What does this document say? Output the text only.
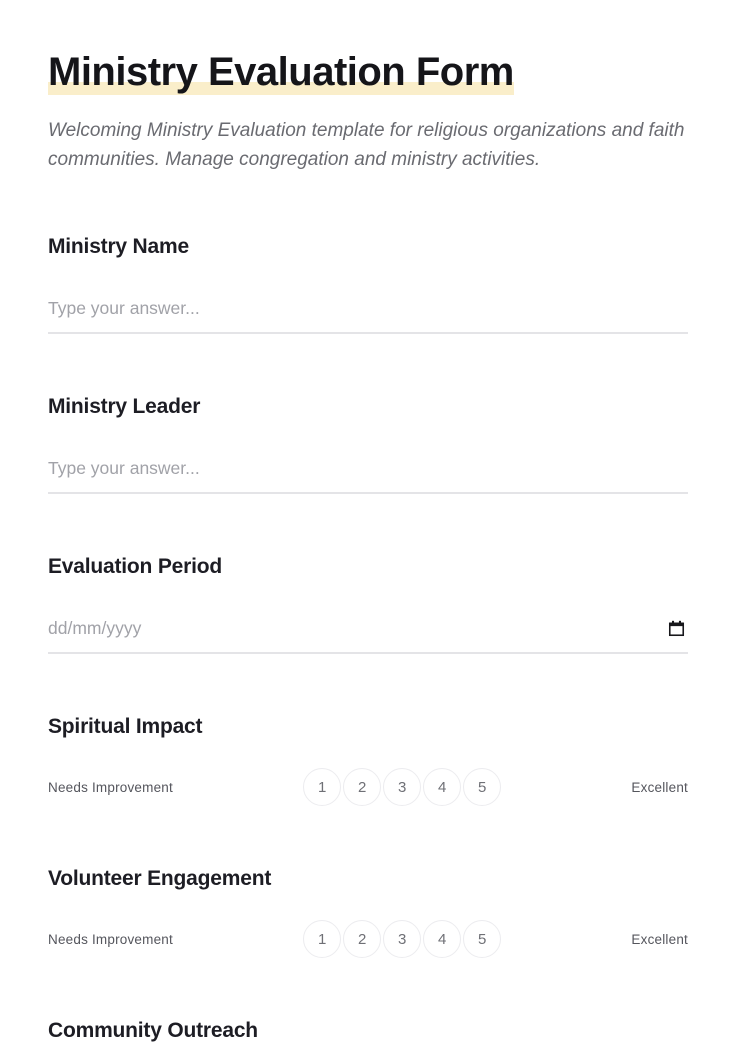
Ministry Evaluation Form

Welcoming Ministry Evaluation template for religious organizations and faith communities. Manage congregation and ministry activities.

Ministry Name
Type your answer...
Ministry Leader
Type your answer...
Evaluation Period
dd/mm/yyyy
Spiritual Impact
Needs Improvement	1	2	3	4	5	Excellent
Volunteer Engagement
Needs Improvement	1	2	3	4	5	Excellent
Community Outreach
